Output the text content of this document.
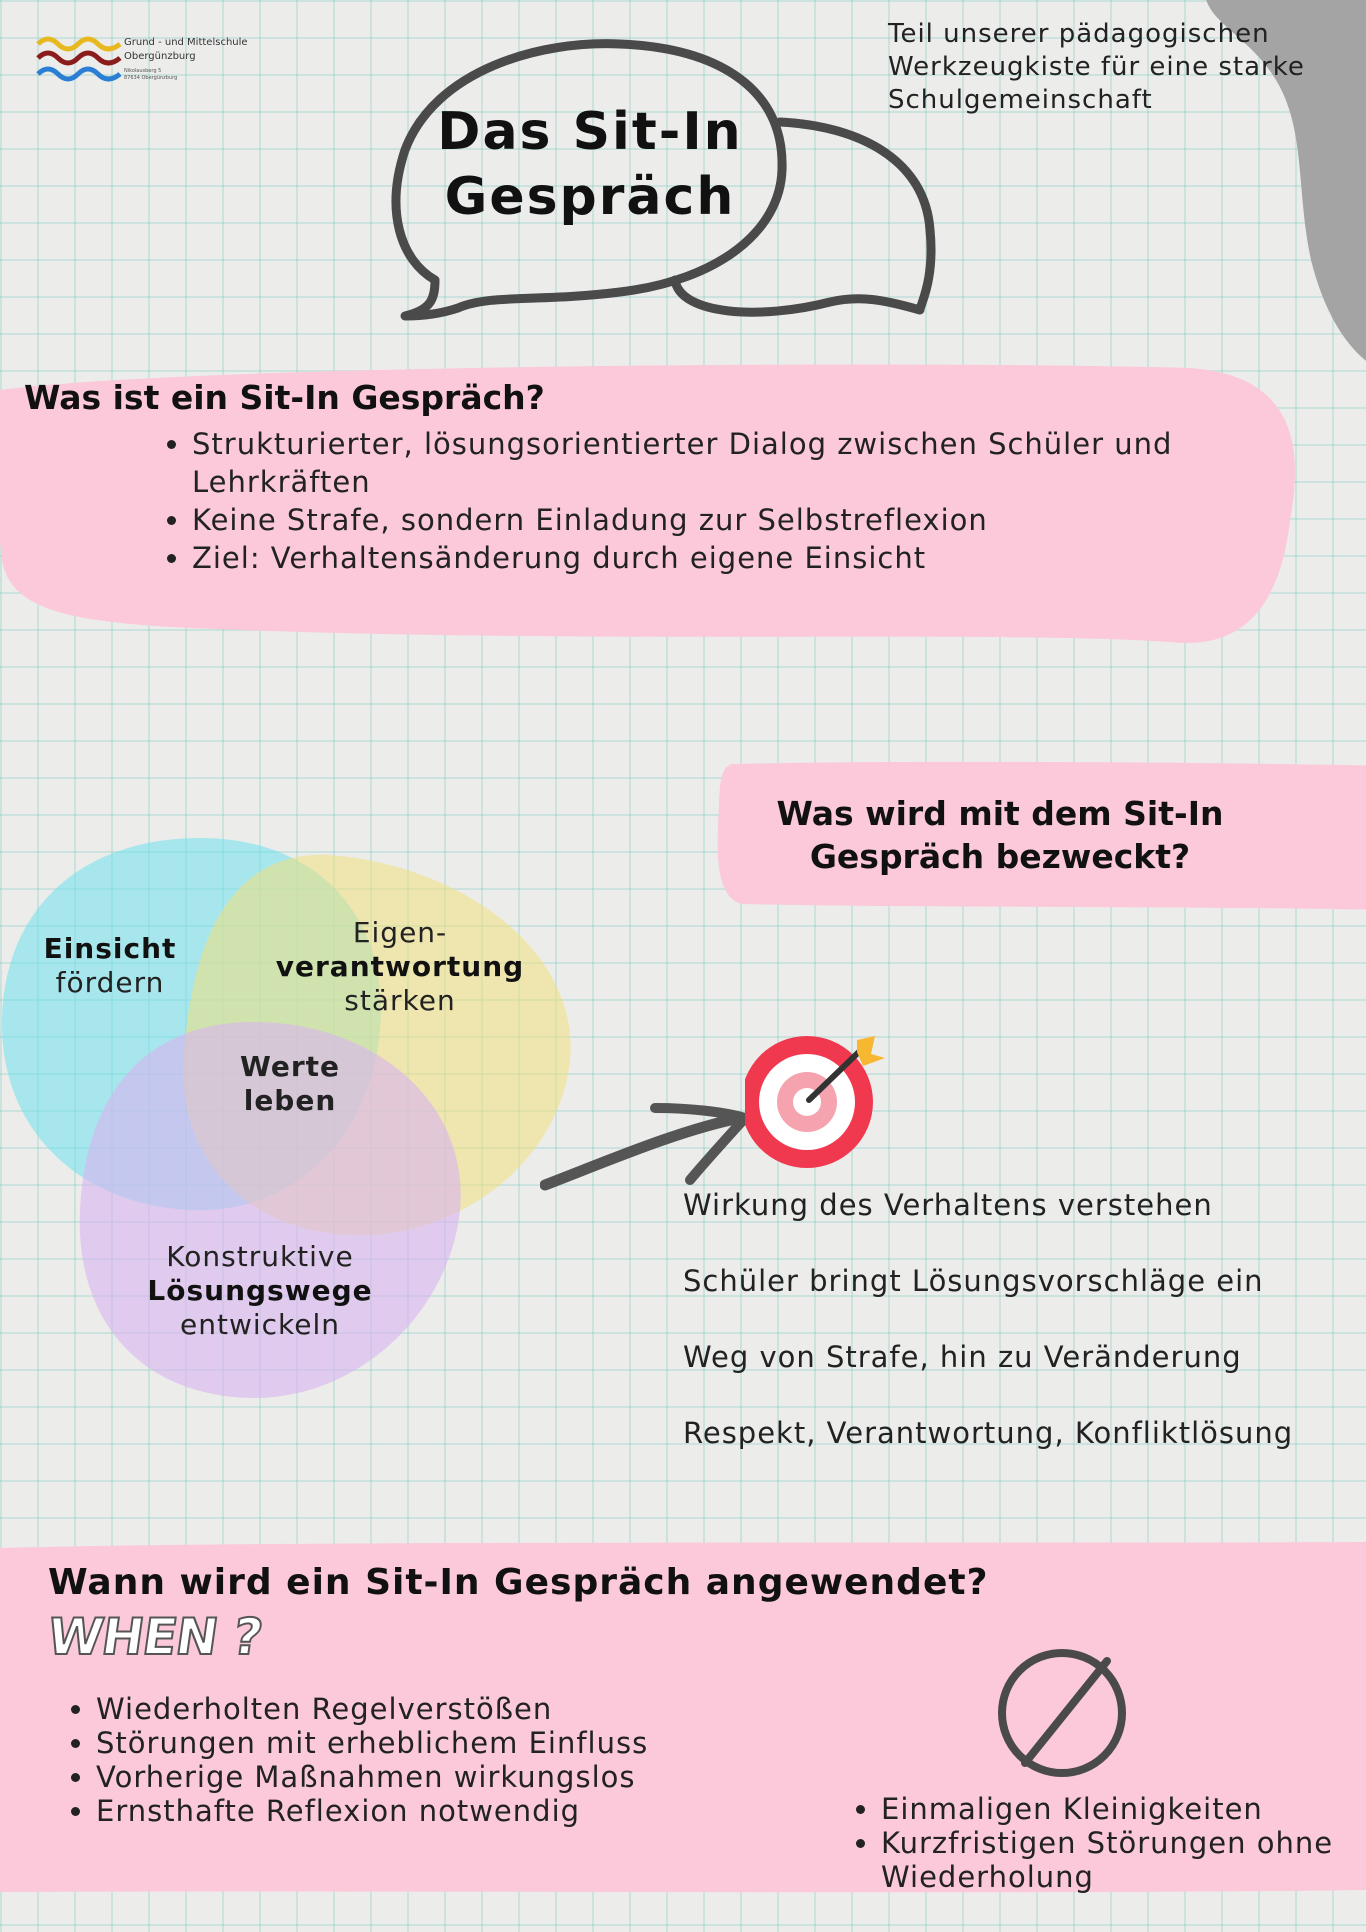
Grund - und Mittelschule
Obergünzburg
Nikolausberg 5
87634 Obergünzburg
Teil unserer pädagogischen Werkzeugkiste für eine starke Schulgemeinschaft
Das Sit-In
Gespräch
Was ist ein Sit-In Gespräch?
• Strukturierter, lösungsorientierter Dialog zwischen Schüler und Lehrkräften
• Keine Strafe, sondern Einladung zur Selbstreflexion
• Ziel: Verhaltensänderung durch eigene Einsicht
Was wird mit dem Sit-In Gespräch bezweckt?
Einsicht
fördern
Eigen-
verantwortung
stärken
Werte
leben
Konstruktive
Lösungswege
entwickeln
Wirkung des Verhaltens verstehen
Schüler bringt Lösungsvorschläge ein
Weg von Strafe, hin zu Veränderung
Respekt, Verantwortung, Konfliktlösung
Wann wird ein Sit-In Gespräch angewendet?
WHEN ?
• Wiederholten Regelverstößen
• Störungen mit erheblichem Einfluss
• Vorherige Maßnahmen wirkungslos
• Ernsthafte Reflexion notwendig
•	Einmaligen Kleinigkeiten
• Kurzfristigen Störungen ohne Wiederholung
